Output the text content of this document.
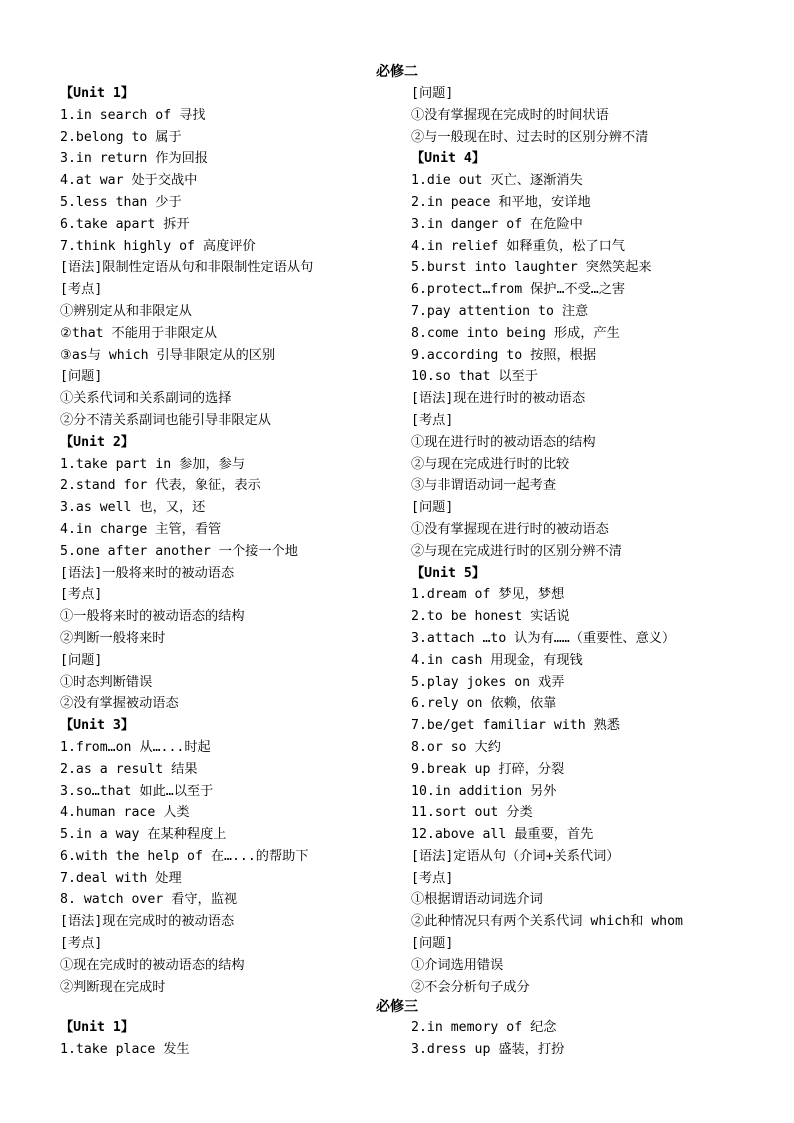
必修二
【Unit 1】
1.in search of 寻找
2.belong to 属于
3.in return 作为回报
4.at war 处于交战中
5.less than 少于
6.take apart 拆开
7.think highly of 高度评价
[语法]限制性定语从句和非限制性定语从句
[考点]
①辨别定从和非限定从
②that 不能用于非限定从
③as与 which 引导非限定从的区别
[问题]
①关系代词和关系副词的选择
②分不清关系副词也能引导非限定从
【Unit 2】
1.take part in 参加，参与
2.stand for 代表，象征，表示
3.as well 也，又，还
4.in charge 主管，看管
5.one after another 一个接一个地
[语法]一般将来时的被动语态
[考点]
①一般将来时的被动语态的结构
②判断一般将来时
[问题]
①时态判断错误
②没有掌握被动语态
【Unit 3】
1.from…on 从…...时起
2.as a result 结果
3.so…that 如此…以至于
4.human race 人类
5.in a way 在某种程度上
6.with the help of 在…...的帮助下
7.deal with 处理
8. watch over 看守，监视
[语法]现在完成时的被动语态
[考点]
①现在完成时的被动语态的结构
②判断现在完成时
[问题]
①没有掌握现在完成时的时间状语
②与一般现在时、过去时的区别分辨不清
【Unit 4】
1.die out 灭亡、逐渐消失
2.in peace 和平地，安详地
3.in danger of 在危险中
4.in relief 如释重负，松了口气
5.burst into laughter 突然笑起来
6.protect…from 保护…不受…之害
7.pay attention to 注意
8.come into being 形成，产生
9.according to 按照，根据
10.so that 以至于
[语法]现在进行时的被动语态
[考点]
①现在进行时的被动语态的结构
②与现在完成进行时的比较
③与非谓语动词一起考查
[问题]
①没有掌握现在进行时的被动语态
②与现在完成进行时的区别分辨不清
【Unit 5】
1.dream of 梦见，梦想
2.to be honest 实话说
3.attach …to 认为有……（重要性、意义）
4.in cash 用现金，有现钱
5.play jokes on 戏弄
6.rely on 依赖，依靠
7.be/get familiar with 熟悉
8.or so 大约
9.break up 打碎，分裂
10.in addition 另外
11.sort out 分类
12.above all 最重要，首先
[语法]定语从句（介词+关系代词）
[考点]
①根据谓语动词选介词
②此种情况只有两个关系代词 which和 whom
[问题]
①介词选用错误
②不会分析句子成分
必修三
【Unit 1】
1.take place 发生
2.in memory of 纪念
3.dress up 盛装，打扮
